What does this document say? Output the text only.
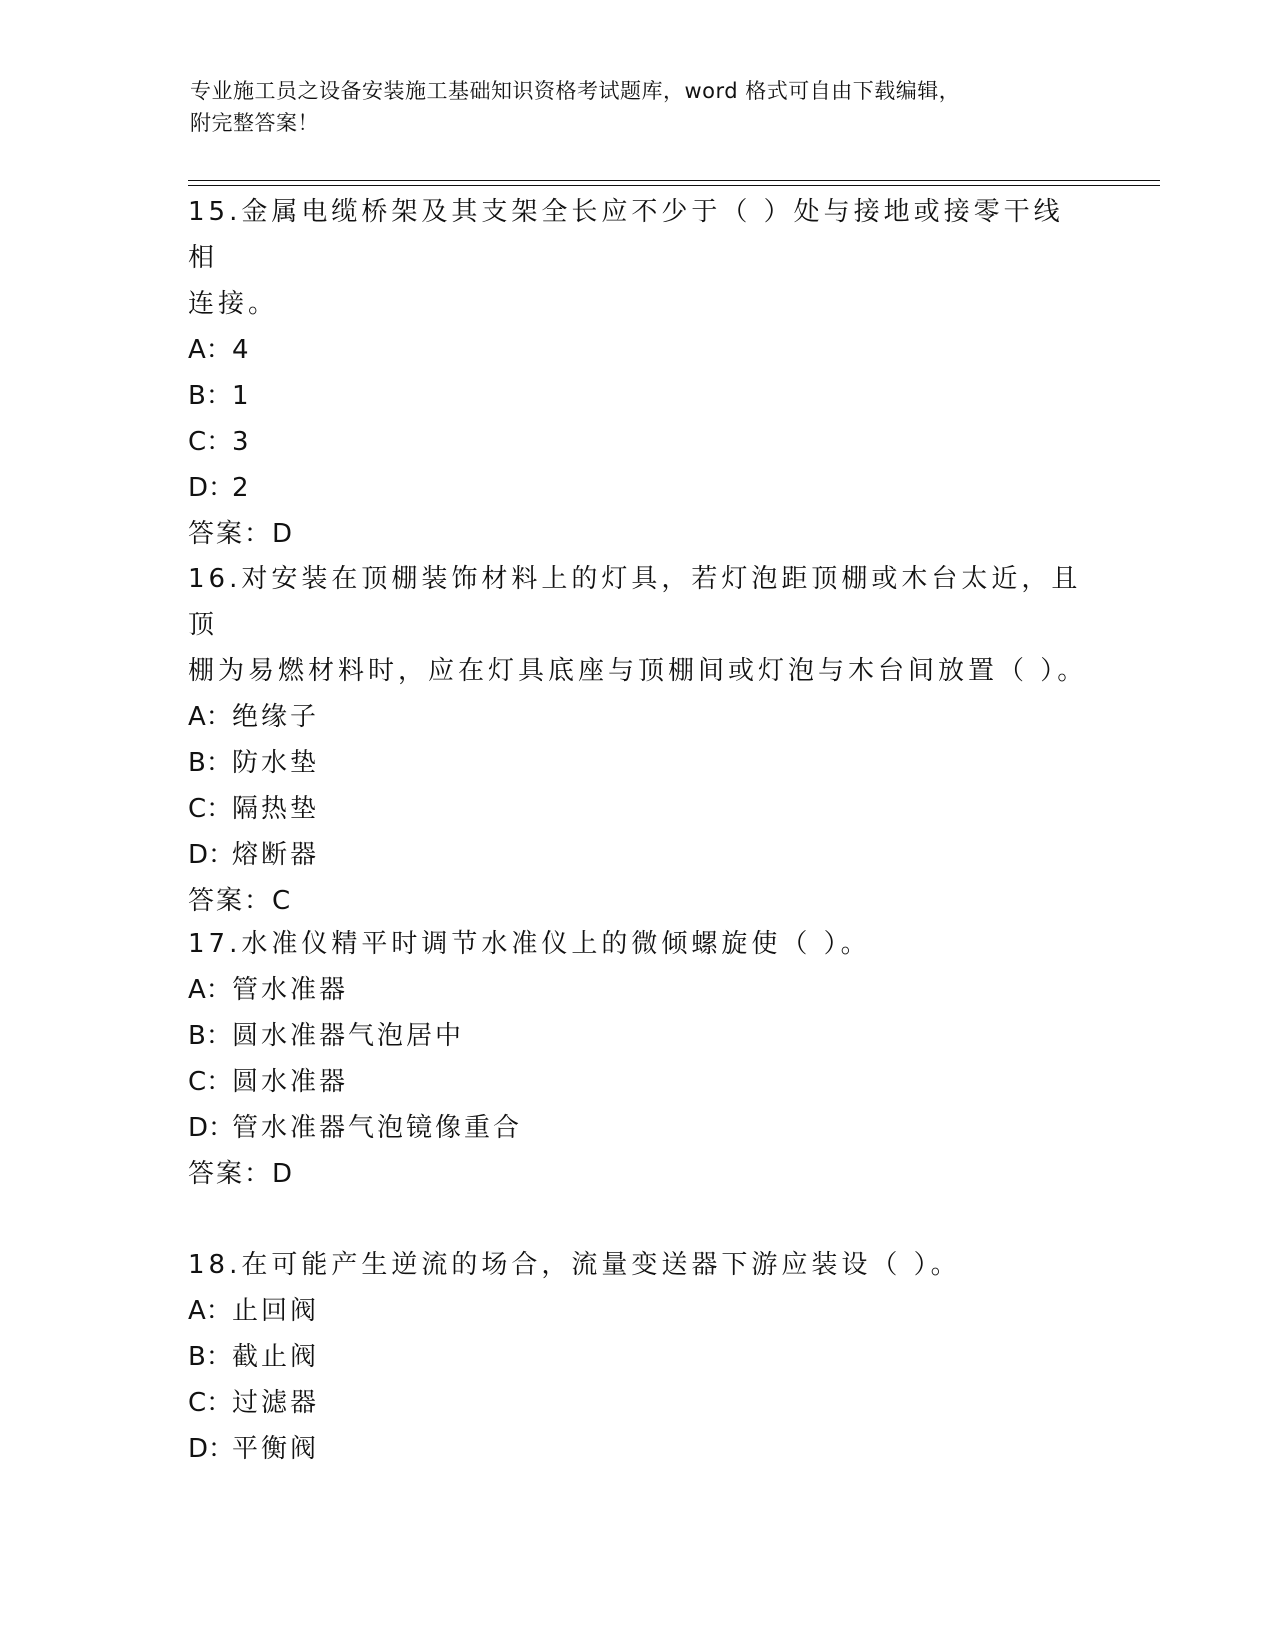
专业施工员之设备安装施工基础知识资格考试题库，word 格式可自由下载编辑，
附完整答案！
15.金属电缆桥架及其支架全长应不少于（ ）处与接地或接零干线相
连接。
A：4
B：1
C：3
D：2
答案：D
16.对安装在顶棚装饰材料上的灯具，若灯泡距顶棚或木台太近，且顶
棚为易燃材料时，应在灯具底座与顶棚间或灯泡与木台间放置（ ）。
A：绝缘子
B：防水垫
C：隔热垫
D：熔断器
答案：C
17.水准仪精平时调节水准仪上的微倾螺旋使（ ）。
A：管水准器
B：圆水准器气泡居中
C：圆水准器
D：管水准器气泡镜像重合
答案：D
18.在可能产生逆流的场合，流量变送器下游应装设（ ）。
A：止回阀
B：截止阀
C：过滤器
D：平衡阀
